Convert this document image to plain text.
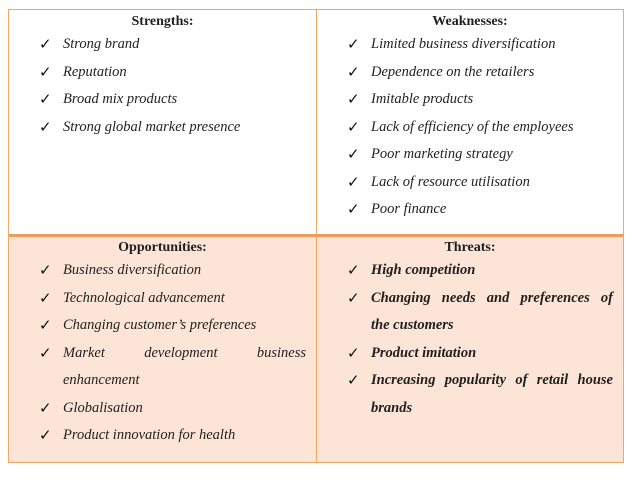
Strengths:
✓ Strong brand
✓ Reputation
✓ Broad mix products
✓ Strong global market presence
Weaknesses:
✓ Limited business diversification
✓ Dependence on the retailers
✓ Imitable products
✓ Lack of efficiency of the employees
✓ Poor marketing strategy
✓ Lack of resource utilisation
✓ Poor finance
Opportunities:
✓ Business diversification
✓ Technological advancement
✓ Changing customer’s preferences
✓ Market development business
enhancement
✓ Globalisation
✓ Product innovation for health
Threats:
✓ High competition
✓ Changing needs and preferences of
the customers
✓ Product imitation
✓ Increasing popularity of retail house
brands
